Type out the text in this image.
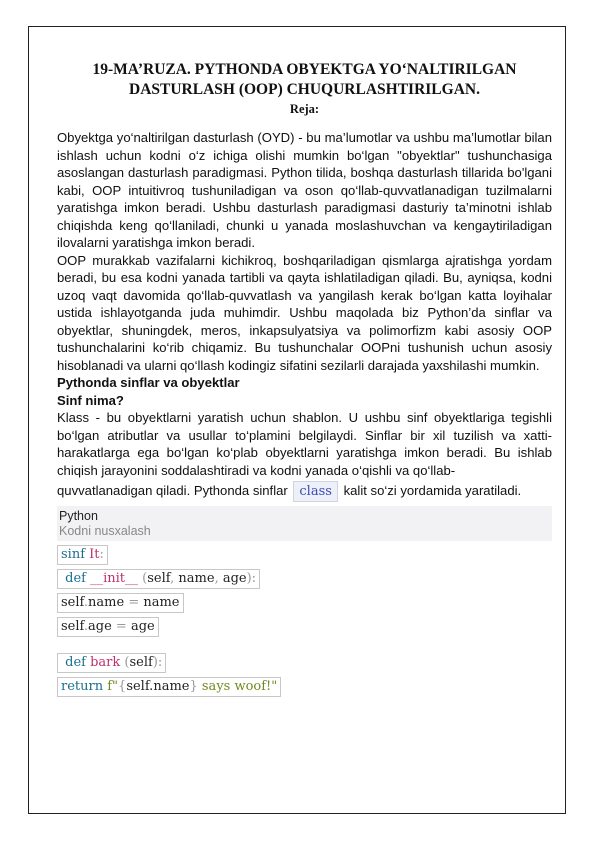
19-MA’RUZA. PYTHONDA OBYEKTGA YO‘NALTIRILGAN
DASTURLASH (OOP) CHUQURLASHTIRILGAN.
Reja:

Obyektga yo‘naltirilgan dasturlash (OYD) - bu ma’lumotlar va ushbu ma’lumotlar bilan ishlash uchun kodni o‘z ichiga olishi mumkin bo‘lgan "obyektlar" tushunchasiga asoslangan dasturlash paradigmasi. Python tilida, boshqa dasturlash tillarida bo'lgani kabi, OOP intuitivroq tushuniladigan va oson qo‘llab-quvvatlanadigan tuzilmalarni yaratishga imkon beradi. Ushbu dasturlash paradigmasi dasturiy ta’minotni ishlab chiqishda keng qo‘llaniladi, chunki u yanada moslashuvchan va kengaytiriladigan ilovalarni yaratishga imkon beradi.

OOP murakkab vazifalarni kichikroq, boshqariladigan qismlarga ajratishga yordam beradi, bu esa kodni yanada tartibli va qayta ishlatiladigan qiladi. Bu, ayniqsa, kodni uzoq vaqt davomida qo‘llab-quvvatlash va yangilash kerak bo‘lgan katta loyihalar ustida ishlayotganda juda muhimdir. Ushbu maqolada biz Python’da sinflar va obyektlar, shuningdek, meros, inkapsulyatsiya va polimorfizm kabi asosiy OOP tushunchalarini ko‘rib chiqamiz. Bu tushunchalar OOPni tushunish uchun asosiy hisoblanadi va ularni qo‘llash kodingiz sifatini sezilarli darajada yaxshilashi mumkin.

Pythonda sinflar va obyektlar
Sinf nima?

Klass - bu obyektlarni yaratish uchun shablon. U ushbu sinf obyektlariga tegishli bo‘lgan atributlar va usullar to‘plamini belgilaydi. Sinflar bir xil tuzilish va xatti-harakatlarga ega bo‘lgan ko‘plab obyektlarni yaratishga imkon beradi. Bu ishlab chiqish jarayonini soddalashtiradi va kodni yanada o‘qishli va qo‘llab-

quvvatlanadigan qiladi. Pythonda sinflar class kalit so‘zi yordamida yaratiladi.
Python
Kodni nusxalash
sinf It:
def __init__ (self, name, age):
self.name = name
self.age = age
def bark (self):
return f"{self.name} says woof!"
